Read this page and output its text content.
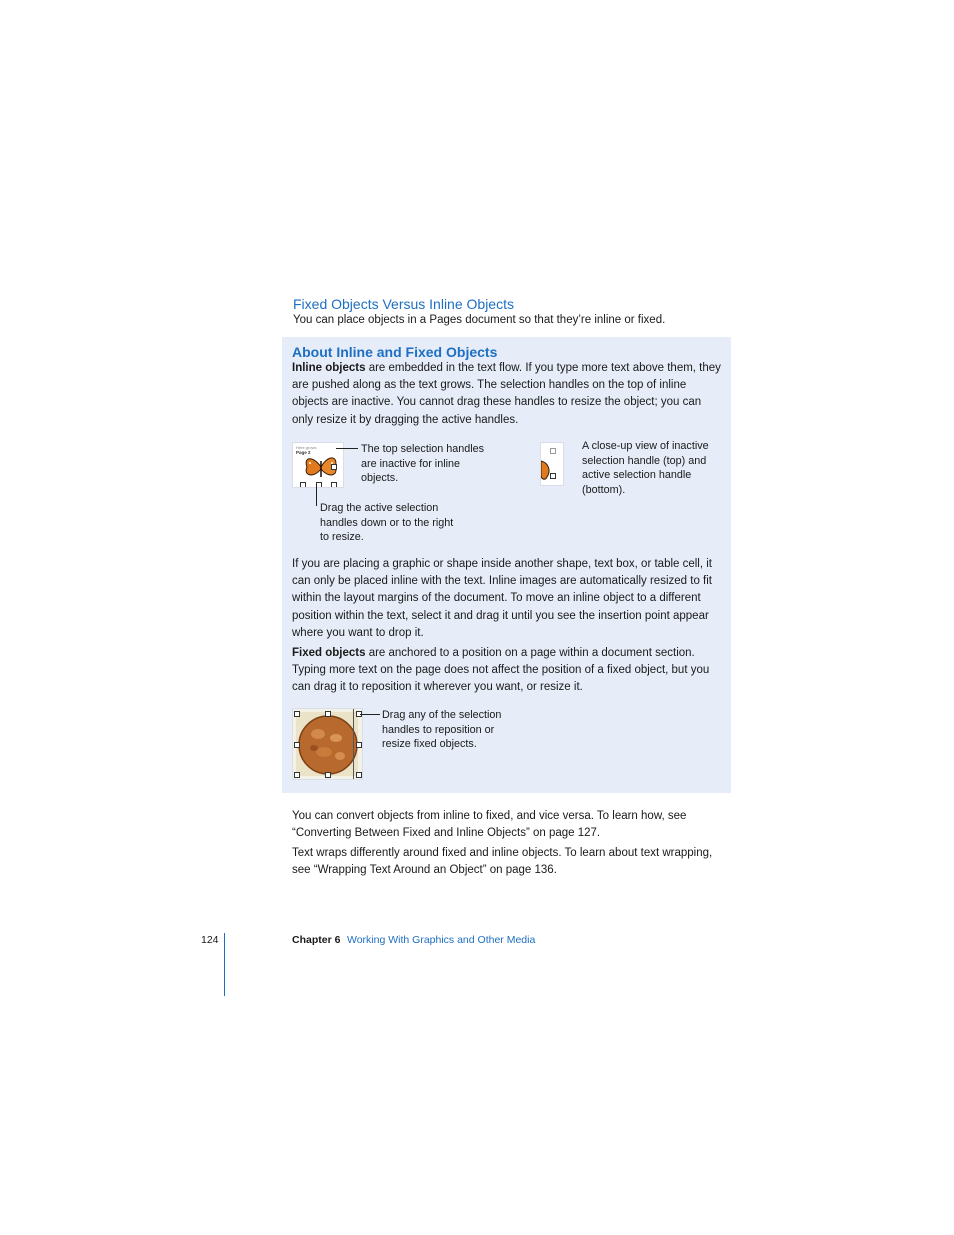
Fixed Objects Versus Inline Objects
You can place objects in a Pages document so that they’re inline or fixed.
About Inline and Fixed Objects
Inline objects are embedded in the text flow. If you type more text above them, they are pushed along as the text grows. The selection handles on the top of inline objects are inactive. You cannot drag these handles to resize the object; you can only resize it by dragging the active handles.
Here grows
Page 2	The top selection handles are inactive for inline objects.
Drag the active selection handles down or to the right to resize.
A close-up view of inactive selection handle (top) and active selection handle (bottom).
If you are placing a graphic or shape inside another shape, text box, or table cell, it can only be placed inline with the text. Inline images are automatically resized to fit within the layout margins of the document. To move an inline object to a different position within the text, select it and drag it until you see the insertion point appear where you want to drop it.
Fixed objects are anchored to a position on a page within a document section. Typing more text on the page does not affect the position of a fixed object, but you can drag it to reposition it wherever you want, or resize it.
Drag any of the selection handles to reposition or resize fixed objects.
You can convert objects from inline to fixed, and vice versa. To learn how, see “Converting Between Fixed and Inline Objects” on page 127.
Text wraps differently around fixed and inline objects. To learn about text wrapping, see “Wrapping Text Around an Object” on page 136.
124	Chapter 6 Working With Graphics and Other Media
